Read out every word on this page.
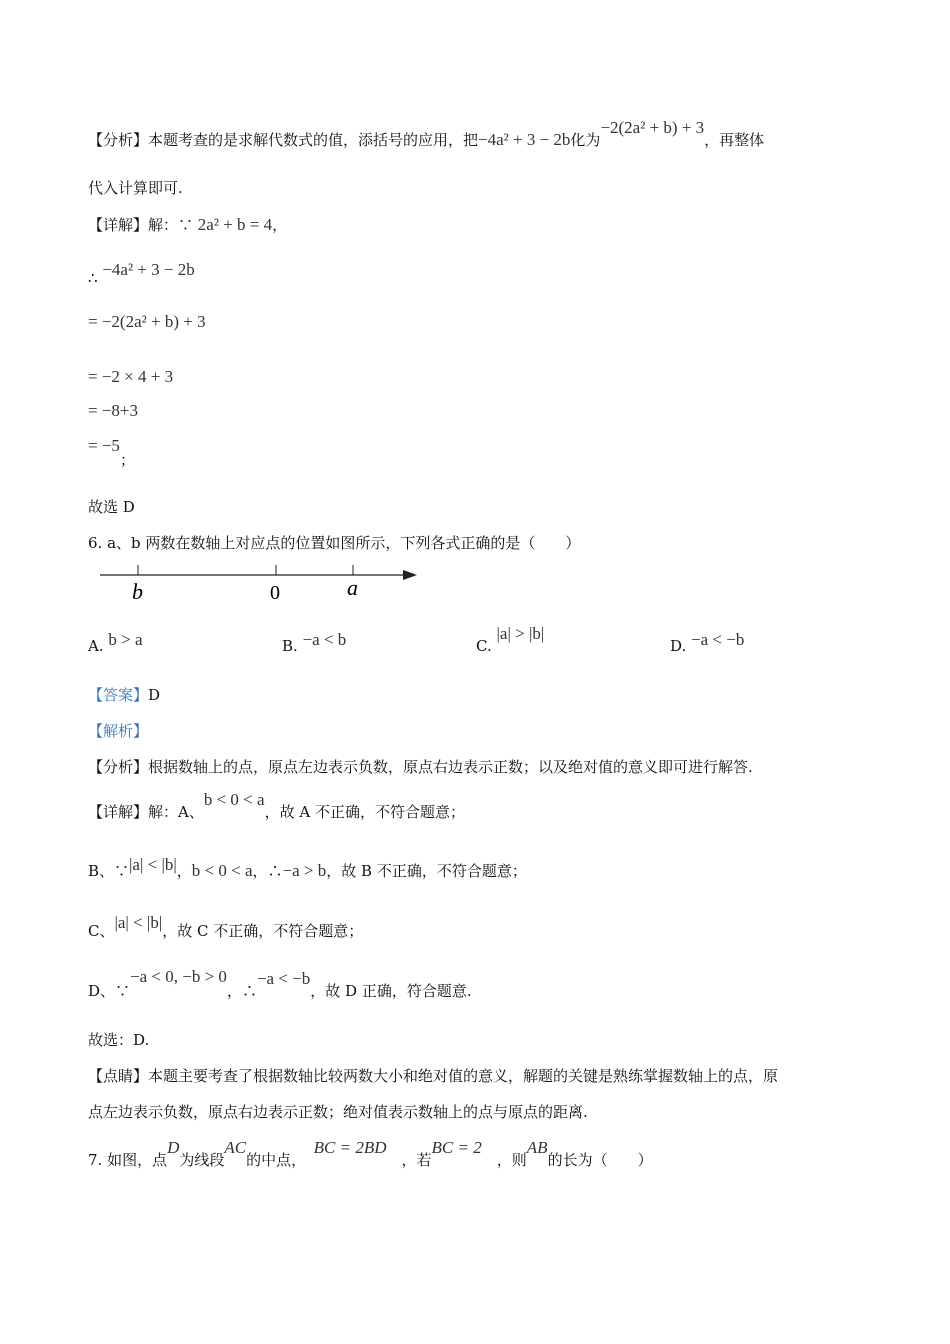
【分析】本题考查的是求解代数式的值，添括号的应用，把−4a² + 3 − 2b化为−2(2a² + b) + 3，再整体
代入计算即可.
【详解】解：∵ 2a² + b = 4，
∴ −4a² + 3 − 2b
= −2(2a² + b) + 3
= −2 × 4 + 3
= −8+3
= −5；
故选 D
6. a、b 两数在数轴上对应点的位置如图所示，下列各式正确的是（　　）
b	0	a
A. b > a	B. −a < b	C. |a| > |b|
D. −a < −b
【答案】D
【解析】
【分析】根据数轴上的点，原点左边表示负数，原点右边表示正数；以及绝对值的意义即可进行解答.
【详解】解：A、b < 0 < a，故 A 不正确，不符合题意；
B、∵|a| < |b|，b < 0 < a，∴−a > b，故 B 不正确，不符合题意；
C、|a| < |b|，故 C 不正确，不符合题意；
D、∵−a < 0, −b > 0，∴−a < −b，故 D 正确，符合题意.
故选：D.
【点睛】本题主要考查了根据数轴比较两数大小和绝对值的意义，解题的关键是熟练掌握数轴上的点，原
点左边表示负数，原点右边表示正数；绝对值表示数轴上的点与原点的距离.
7. 如图，点D为线段AC的中点，　BC = 2BD　，若BC = 2　，则AB的长为（　　）
